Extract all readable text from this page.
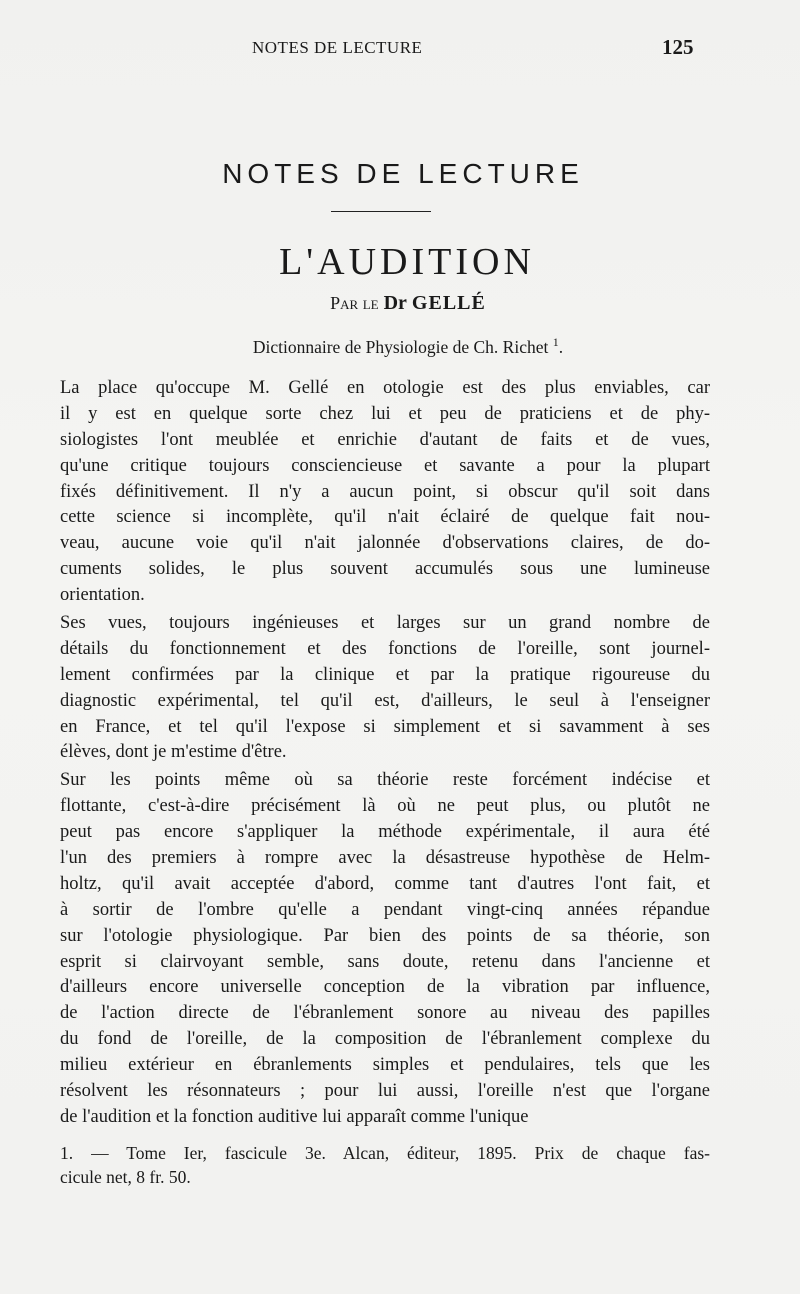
NOTES DE LECTURE	125
NOTES DE LECTURE
L'AUDITION
Par le Dr GELLÉ
Dictionnaire de Physiologie de Ch. Richet $^1$.
La place qu'occupe M. Gellé en otologie est des plus enviables, car
il y est en quelque sorte chez lui et peu de praticiens et de phy-
siologistes l'ont meublée et enrichie d'autant de faits et de vues,
qu'une critique toujours consciencieuse et savante a pour la plupart
fixés définitivement. Il n'y a aucun point, si obscur qu'il soit dans
cette science si incomplète, qu'il n'ait éclairé de quelque fait nou-
veau, aucune voie qu'il n'ait jalonnée d'observations claires, de do-
cuments solides, le plus souvent accumulés sous une lumineuse
orientation.
Ses vues, toujours ingénieuses et larges sur un grand nombre de
détails du fonctionnement et des fonctions de l'oreille, sont journel-
lement confirmées par la clinique et par la pratique rigoureuse du
diagnostic expérimental, tel qu'il est, d'ailleurs, le seul à l'enseigner
en France, et tel qu'il l'expose si simplement et si savamment à ses
élèves, dont je m'estime d'être.
Sur les points même où sa théorie reste forcément indécise et
flottante, c'est-à-dire précisément là où ne peut plus, ou plutôt ne
peut pas encore s'appliquer la méthode expérimentale, il aura été
l'un des premiers à rompre avec la désastreuse hypothèse de Helm-
holtz, qu'il avait acceptée d'abord, comme tant d'autres l'ont fait, et
à sortir de l'ombre qu'elle a pendant vingt-cinq années répandue
sur l'otologie physiologique. Par bien des points de sa théorie, son
esprit si clairvoyant semble, sans doute, retenu dans l'ancienne et
d'ailleurs encore universelle conception de la vibration par influence,
de l'action directe de l'ébranlement sonore au niveau des papilles
du fond de l'oreille, de la composition de l'ébranlement complexe du
milieu extérieur en ébranlements simples et pendulaires, tels que les
résolvent les résonnateurs ; pour lui aussi, l'oreille n'est que l'organe
de l'audition et la fonction auditive lui apparaît comme l'unique
1. — Tome Ier, fascicule 3e. Alcan, éditeur, 1895. Prix de chaque fas-
cicule net, 8 fr. 50.
